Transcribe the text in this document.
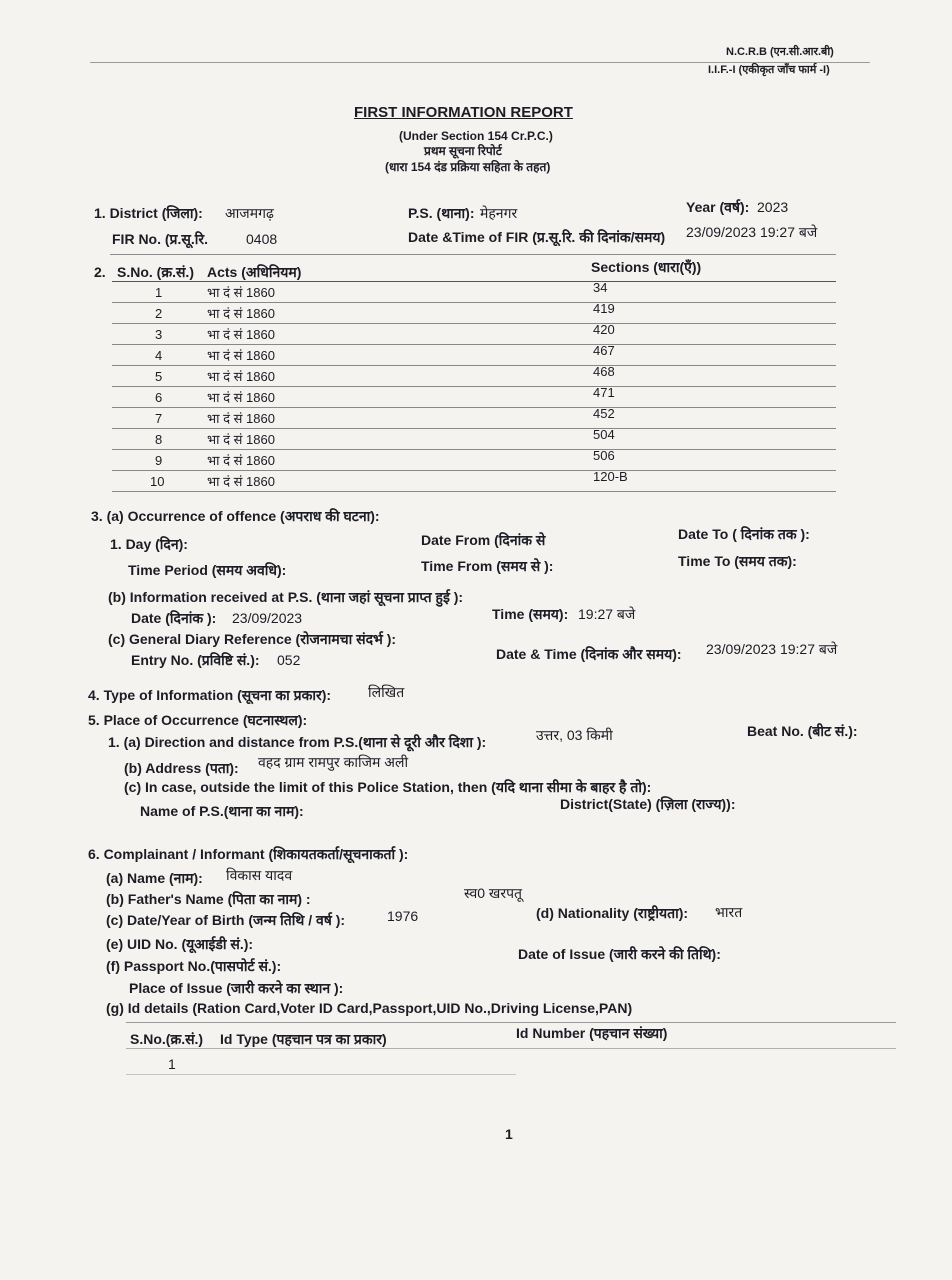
N.C.R.B (एन.सी.आर.बी)
I.I.F.-I (एकीकृत जाँच फार्म -I)
FIRST INFORMATION REPORT
(Under Section 154 Cr.P.C.)
प्रथम सूचना रिपोर्ट
(धारा 154 दंड प्रक्रिया सहिता के तहत)
1. District (जिला): आजमगढ़	P.S. (थाना): मेहनगर	Year (वर्ष): 2023
FIR No. (प्र.सू.रि.	0408	Date &Time of FIR (प्र.सू.रि. की दिनांक/समय) 23/09/2023 19:27 बजे
2. S.No. (क्र.सं.) Acts (अधिनियम)	Sections (धारा(एँ))
1	भा दं सं 1860	34
2	भा दं सं 1860	419
3	भा दं सं 1860	420
4	भा दं सं 1860	467
5	भा दं सं 1860	468
6	भा दं सं 1860	471
7	भा दं सं 1860	452
8	भा दं सं 1860	504
9	भा दं सं 1860	506
10	भा दं सं 1860	120-B
3. (a) Occurrence of offence (अपराध की घटना):
1. Day (दिन):	Date From (दिनांक से	Date To ( दिनांक तक ):
Time Period (समय अवधि):	Time From (समय से ):	Time To (समय तक):
(b) Information received at P.S. (थाना जहां सूचना प्राप्त हुई ):
Date (दिनांक ): 23/09/2023	Time (समय): 19:27 बजे
(c) General Diary Reference (रोजनामचा संदर्भ ):
Entry No. (प्रविष्टि सं.): 052	Date & Time (दिनांक और समय): 23/09/2023 19:27 बजे
4. Type of Information (सूचना का प्रकार):	लिखित
5. Place of Occurrence (घटनास्थल):
1. (a) Direction and distance from P.S.(थाना से दूरी और दिशा ):	उत्तर, 03 किमी	Beat No. (बीट सं.):
(b) Address (पता): वहद ग्राम रामपुर काजिम अली
(c) In case, outside the limit of this Police Station, then (यदि थाना सीमा के बाहर है तो):
Name of P.S.(थाना का नाम):	District(State) (ज़िला (राज्य)):
6. Complainant / Informant (शिकायतकर्ता/सूचनाकर्ता ):
(a) Name (नाम): विकास यादव
(b) Father's Name (पिता का नाम) :	स्व0 खरपतू
(c) Date/Year of Birth (जन्म तिथि / वर्ष ):	1976	(d) Nationality (राष्ट्रीयता): भारत
(e) UID No. (यूआईडी सं.):
(f) Passport No.(पासपोर्ट सं.):
Date of Issue (जारी करने की तिथि):
Place of Issue (जारी करने का स्थान ):
(g) Id details (Ration Card,Voter ID Card,Passport,UID No.,Driving License,PAN)
S.No.(क्र.सं.) Id Type (पहचान पत्र का प्रकार)	Id Number (पहचान संख्या)
1
1
